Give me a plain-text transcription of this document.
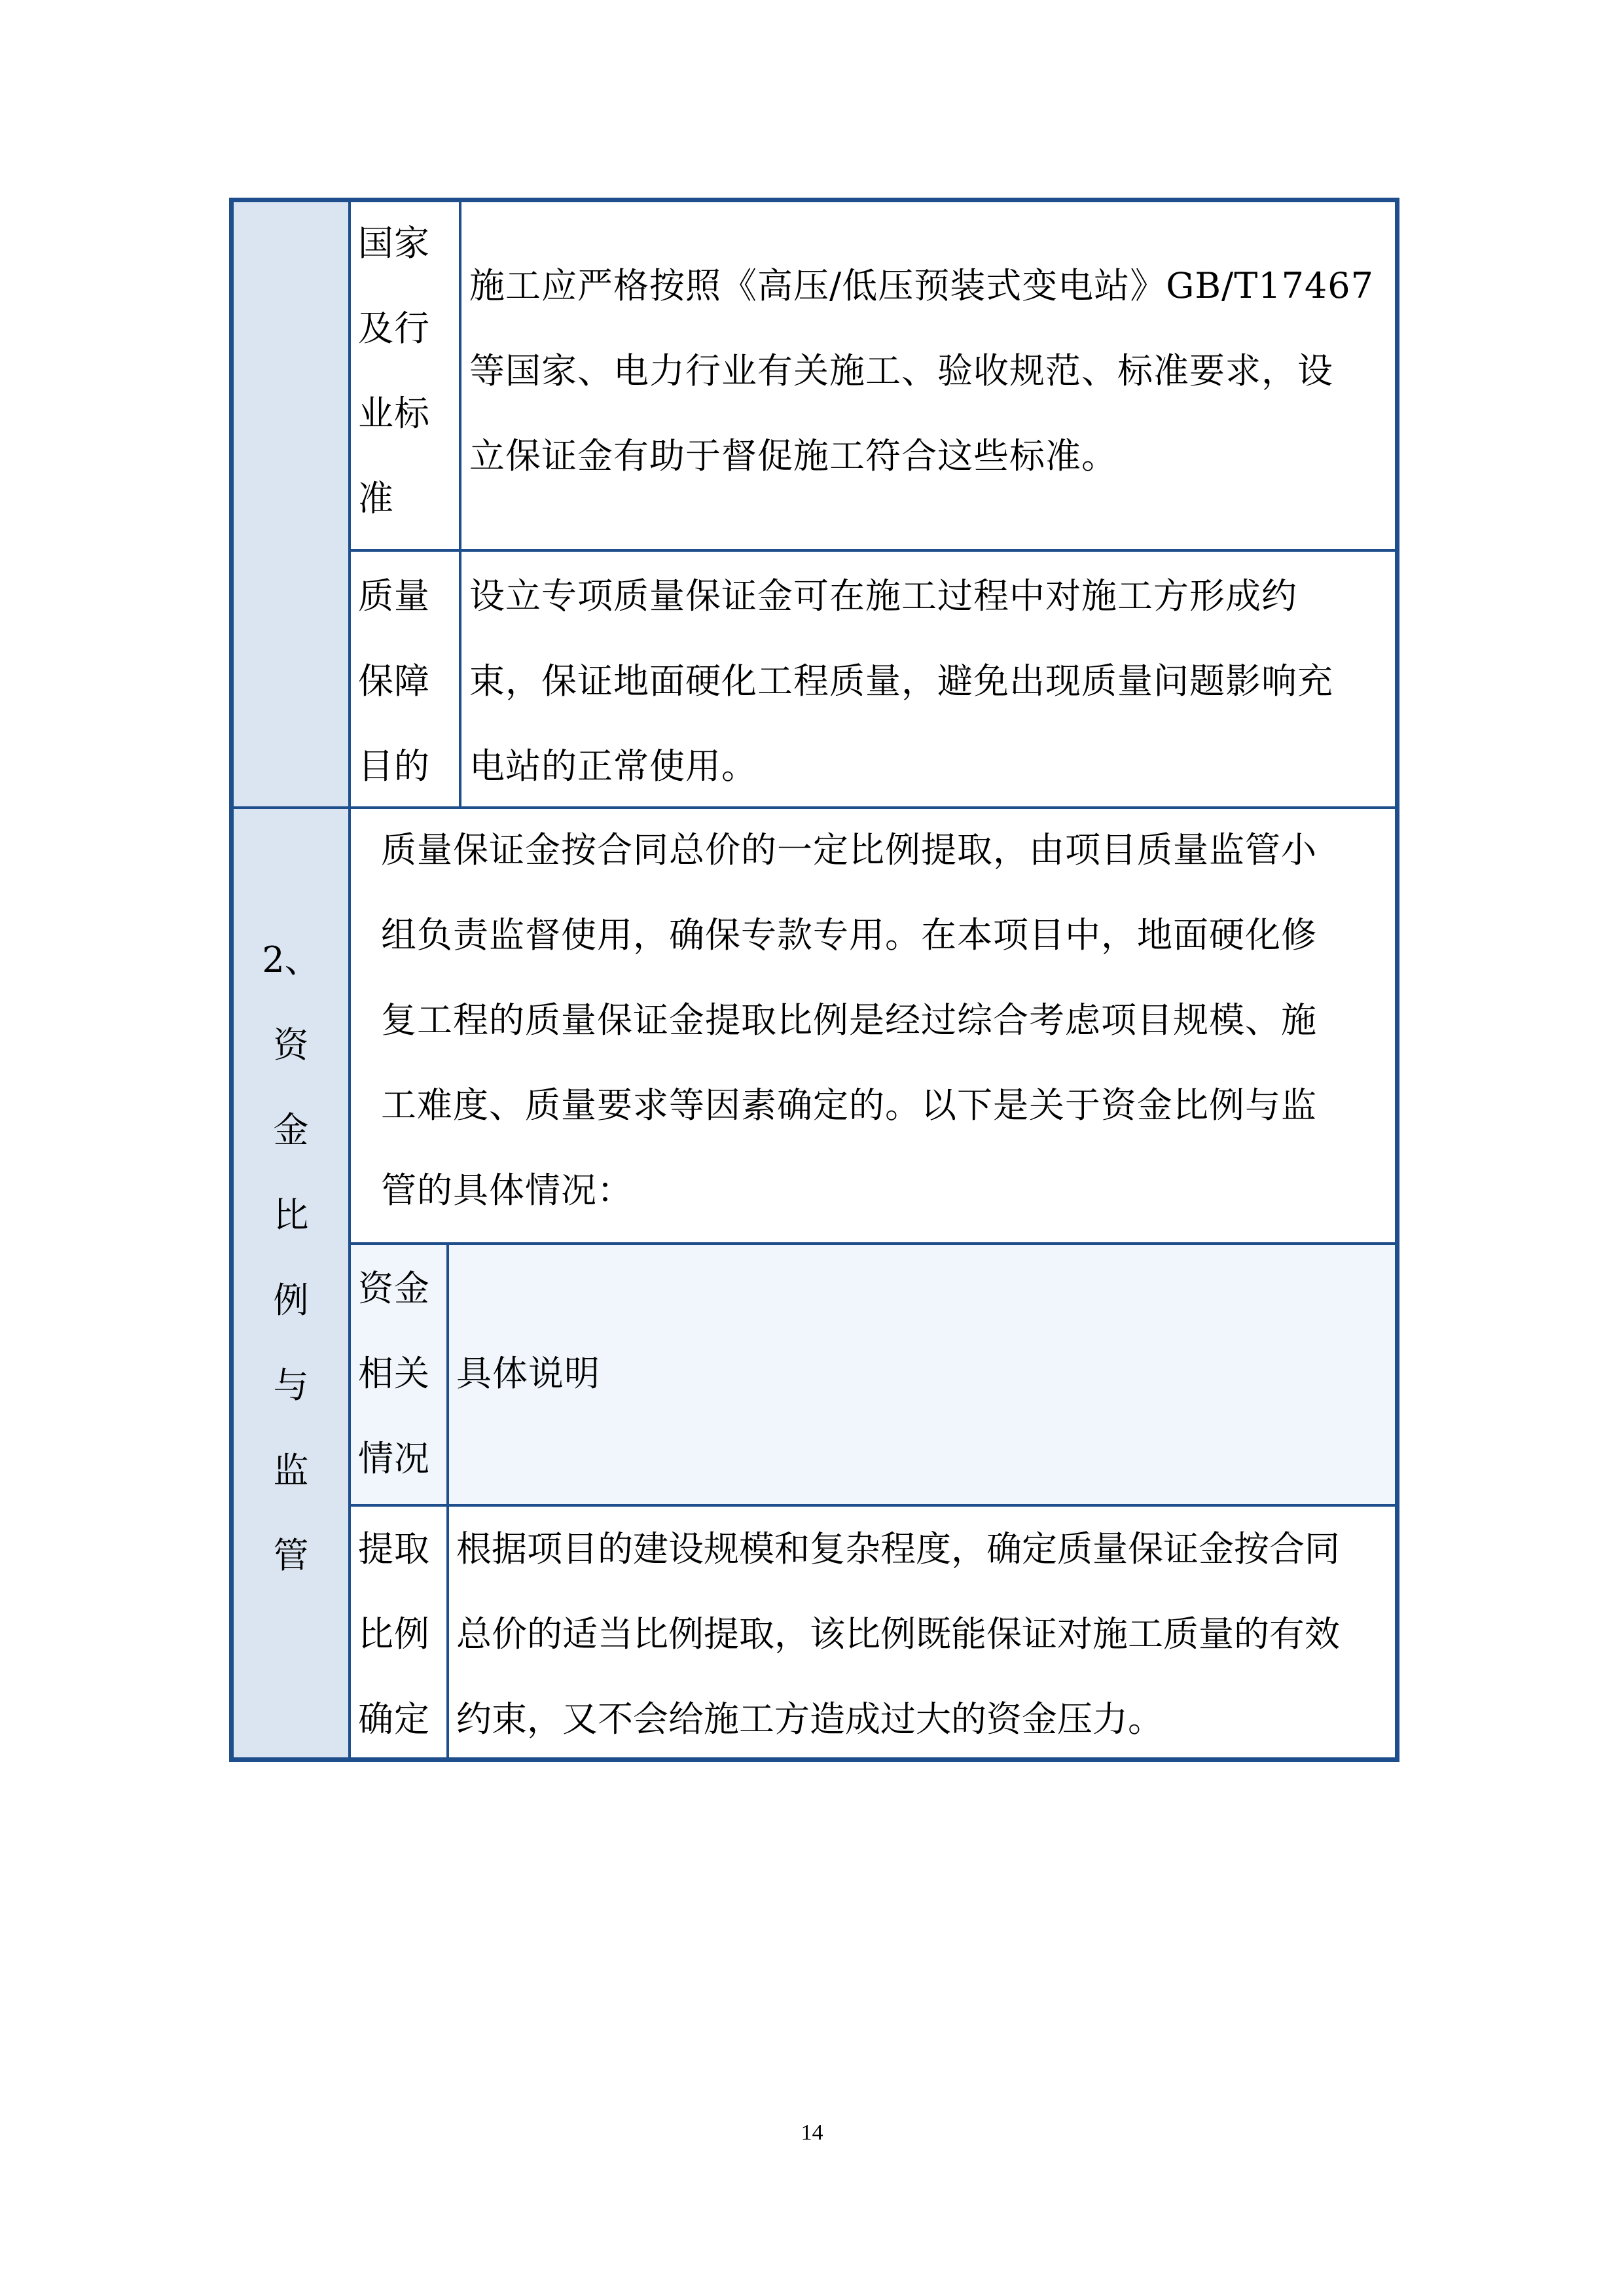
国家
及行
业标
准
施工应严格按照《高压/低压预装式变电站》GB/T17467
等国家、电力行业有关施工、验收规范、标准要求，设
立保证金有助于督促施工符合这些标准。
质量
保障
目的
设立专项质量保证金可在施工过程中对施工方形成约
束，保证地面硬化工程质量，避免出现质量问题影响充
电站的正常使用。
2、
资
金
比
例
与
监
管
质量保证金按合同总价的一定比例提取，由项目质量监管小
组负责监督使用，确保专款专用。在本项目中，地面硬化修
复工程的质量保证金提取比例是经过综合考虑项目规模、施
工难度、质量要求等因素确定的。以下是关于资金比例与监
管的具体情况：
资金
相关
情况
具体说明
提取
比例
确定
根据项目的建设规模和复杂程度，确定质量保证金按合同
总价的适当比例提取，该比例既能保证对施工质量的有效
约束，又不会给施工方造成过大的资金压力。
14
